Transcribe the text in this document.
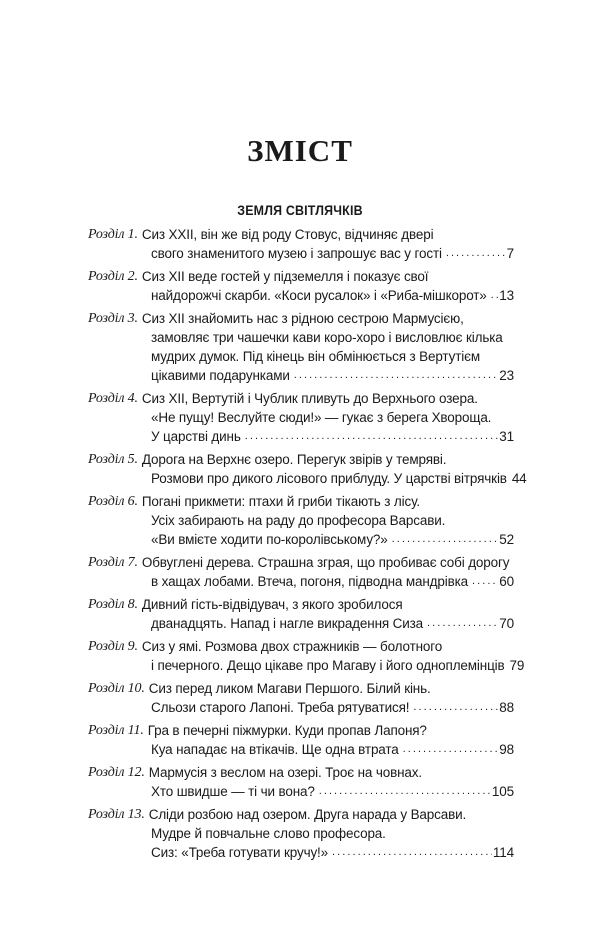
ЗМІСТ
ЗЕМЛЯ СВІТЛЯЧКІВ
Розділ 1. Сиз XXII, він же від роду Стовус, відчиняє двері
свого знаменитого музею і запрошує вас у гості . . .	7
Розділ 2. Сиз XII веде гостей у підземелля і показує свої
найдорожчі скарби. «Коси русалок» і «Риба-мішкорот» . . . 13
Розділ 3. Сиз XII знайомить нас з рідною сестрою Мармусією,
замовляє три чашечки кави коро-хоро і висловлює кілька
мудрих думок. Під кінець він обмінюється з Вертутієм
цікавими подарунками . . .	23
Розділ 4. Сиз XII, Вертутій і Чублик пливуть до Верхнього озера.
«Не пущу! Веслуйте сюди!» — гукає з берега Хвороща.
У царстві динь . . .	31
Розділ 5. Дорога на Верхнє озеро. Перегук звірів у темряві.
Розмови про дикого лісового приблуду. У царстві вітрячків 44
Розділ 6. Погані прикмети: птахи й гриби тікають з лісу.
Усіх забирають на раду до професора Варсави.
«Ви вмієте ходити по-королівському?» . . .	52
Розділ 7. Обвуглені дерева. Страшна зграя, що пробиває собі дорогу
в хащах лобами. Втеча, погоня, підводна мандрівка . . . 60
Розділ 8. Дивний гість-відвідувач, з якого зробилося
дванадцять. Напад і нагле викрадення Сиза . . .	70
Розділ 9. Сиз у ямі. Розмова двох стражників — болотного
і печерного. Дещо цікаве про Магаву і його одноплемінців 79
Розділ 10. Сиз перед ликом Магави Першого. Білий кінь.
Сльози старого Лапоні. Треба рятуватися! . . .	88
Розділ 11. Гра в печерні піжмурки. Куди пропав Лапоня?
Куа нападає на втікачів. Ще одна втрата . . .	98
Розділ 12. Мармусія з веслом на озері. Троє на човнах.
Хто швидше — ті чи вона? . . .	105
Розділ 13. Сліди розбою над озером. Друга нарада у Варсави.
Мудре й повчальне слово професора.
Сиз: «Треба готувати кручу!» . . .	114
